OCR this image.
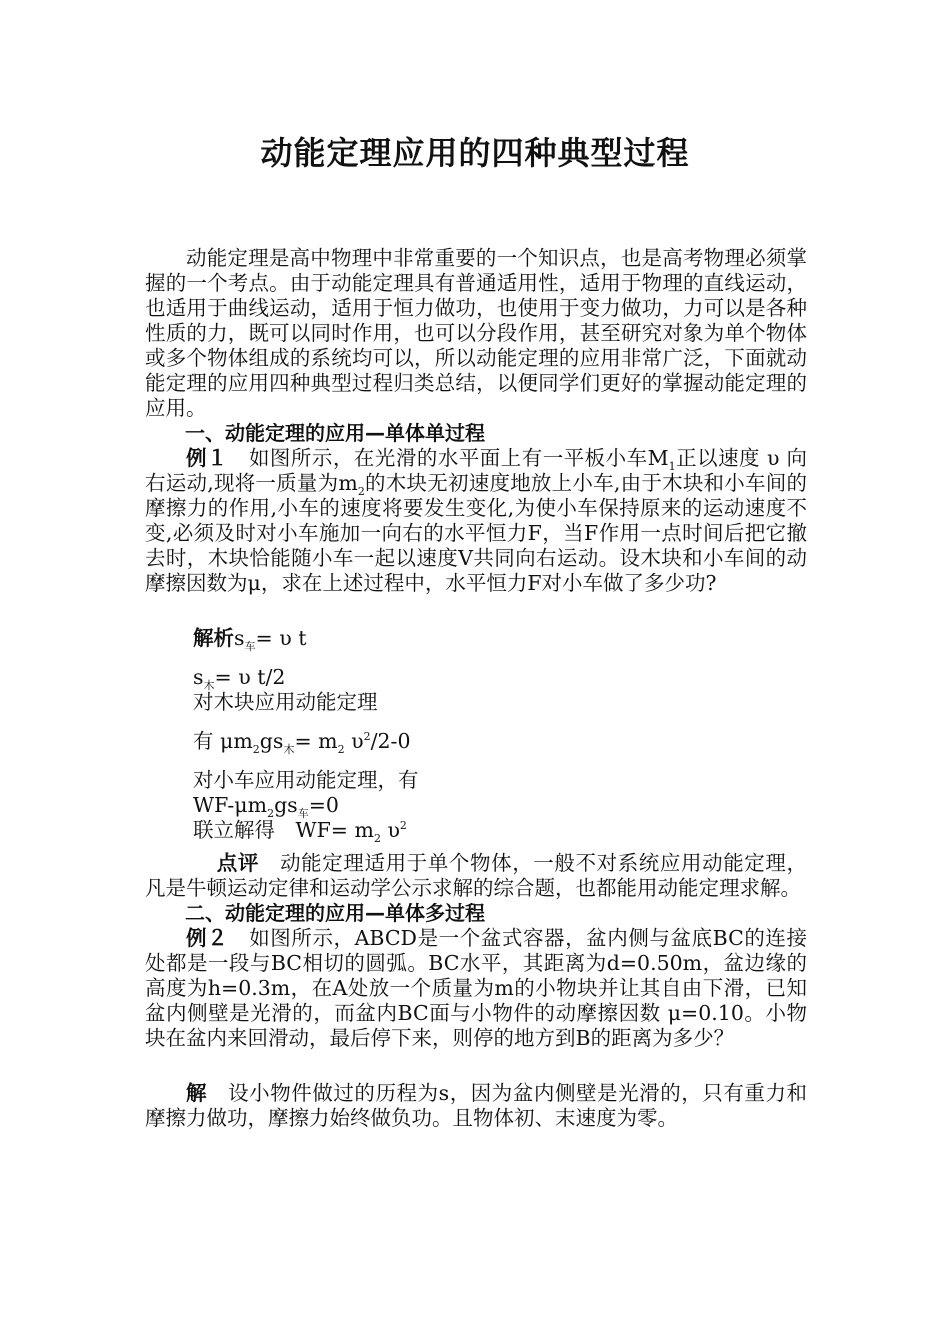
动能定理应用的四种典型过程

动能定理是高中物理中非常重要的一个知识点，也是高考物理必须掌握的一个考点。由于动能定理具有普通适用性，适用于物理的直线运动，也适用于曲线运动，适用于恒力做功，也使用于变力做功，力可以是各种性质的力，既可以同时作用，也可以分段作用，甚至研究对象为单个物体或多个物体组成的系统均可以，所以动能定理的应用非常广泛，下面就动能定理的应用四种典型过程归类总结，以便同学们更好的掌握动能定理的应用。

一、动能定理的应用—单体单过程

例１　如图所示，在光滑的水平面上有一平板小车$M_1$正以速度 υ 向右运动,现将一质量为$m_2$的木块无初速度地放上小车,由于木块和小车间的摩擦力的作用,小车的速度将要发生变化,为使小车保持原来的运动速度不变,必须及时对小车施加一向右的水平恒力F，当F作用一点时间后把它撤去时，木块恰能随小车一起以速度V共同向右运动。设木块和小车间的动摩擦因数为μ，求在上述过程中，水平恒力F对小车做了多少功?

解析$s_车= \upsilon$ t

$s_木= \upsilon$ t/2

对木块应用动能定理

有 $\mu m_2gs_木= m_2$ $\upsilon^2/2-0$

对小车应用动能定理，有

$WF-\mu m_2gs_车=0$

联立解得　$WF= m_2$ $\upsilon^2$

点评　动能定理适用于单个物体，一般不对系统应用动能定理，凡是牛顿运动定律和运动学公示求解的综合题，也都能用动能定理求解。

二、动能定理的应用—单体多过程

例２　如图所示，ABCD是一个盆式容器，盆内侧与盆底BC的连接处都是一段与BC相切的圆弧。BC水平，其距离为d=0.50m，盆边缘的高度为h=0.3m，在A处放一个质量为m的小物块并让其自由下滑，已知盆内侧壁是光滑的，而盆内BC面与小物件的动摩擦因数 μ=0.10。小物块在盆内来回滑动，最后停下来，则停的地方到B的距离为多少？

解　设小物件做过的历程为s，因为盆内侧壁是光滑的，只有重力和摩擦力做功，摩擦力始终做负功。且物体初、末速度为零。
